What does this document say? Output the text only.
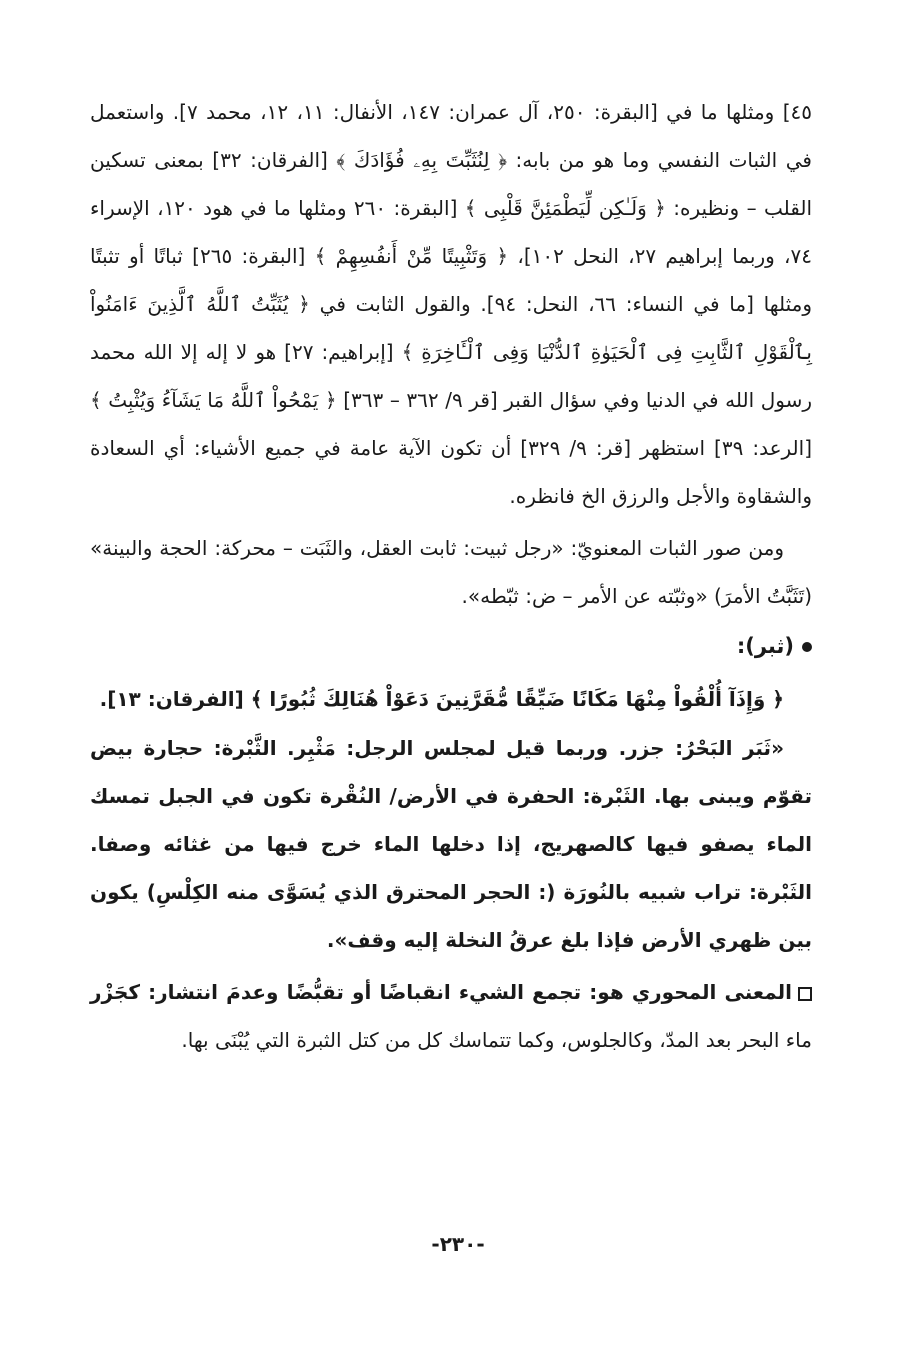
٤٥] ومثلها ما في [البقرة: ٢٥٠، آل عمران: ١٤٧، الأنفال: ١١، ١٢، محمد ٧]. واستعمل في الثبات النفسي وما هو من بابه: ﴿ لِنُثَبِّتَ بِهِۦ فُؤَادَكَ ﴾ [الفرقان: ٣٢] بمعنى تسكين القلب – ونظيره: ﴿ وَلَـٰكِن لِّيَطْمَئِنَّ قَلْبِى ﴾ [البقرة: ٢٦٠ ومثلها ما في هود ١٢٠، الإسراء ٧٤، وربما إبراهيم ٢٧، النحل ١٠٢]، ﴿ وَتَثْبِيتًا مِّنْ أَنفُسِهِمْ ﴾ [البقرة: ٢٦٥] ثباتًا أو تثبتًا ومثلها [ما في النساء: ٦٦، النحل: ٩٤]. والقول الثابت في ﴿ يُثَبِّتُ ٱللَّهُ ٱلَّذِينَ ءَامَنُواْ بِٱلْقَوْلِ ٱلثَّابِتِ فِى ٱلْحَيَوٰةِ ٱلدُّنْيَا وَفِى ٱلْـَٔاخِرَةِ ﴾ [إبراهيم: ٢٧] هو لا إله إلا الله محمد رسول الله في الدنيا وفي سؤال القبر [قر ٩/ ٣٦٢ – ٣٦٣] ﴿ يَمْحُواْ ٱللَّهُ مَا يَشَآءُ وَيُثْبِتُ ﴾ [الرعد: ٣٩] استظهر [قر: ٩/ ٣٢٩] أن تكون الآية عامة في جميع الأشياء: أي السعادة والشقاوة والأجل والرزق الخ فانظره.

ومن صور الثبات المعنويّ: «رجل ثبيت: ثابت العقل، والثَبَت – محركة: الحجة والبينة» (تَثَبَّتُ الأمرَ) «وثبّته عن الأمر – ض: ثبّطه».

(ثبر):

﴿ وَإِذَآ أُلْقُواْ مِنْهَا مَكَانًا ضَيِّقًا مُّقَرَّنِينَ دَعَوْاْ هُنَالِكَ ثُبُورًا ﴾ [الفرقان: ١٣].

«ثَبَر البَحْرُ: جزر. وربما قيل لمجلس الرجل: مَثْبِر. الثَّبْرة: حجارة بيض تقوّم ويبنى بها. الثَبْرة: الحفرة في الأرض/ النُقْرة تكون في الجبل تمسك الماء يصفو فيها كالصهريج، إذا دخلها الماء خرج فيها من غثائه وصفا. الثَبْرة: تراب شبيه بالنُورَة (: الحجر المحترق الذي يُسَوَّى منه الكِلْسِ) يكون بين ظهري الأرض فإذا بلغ عرقُ النخلة إليه وقف».

المعنى المحوري هو: تجمع الشيء انقباضًا أو تقبُّضًا وعدمَ انتشار: كجَزْر ماء البحر بعد المدّ، وكالجلوس، وكما تتماسك كل من كتل الثبرة التي يُبْنَى بها.

-٢٣٠-
